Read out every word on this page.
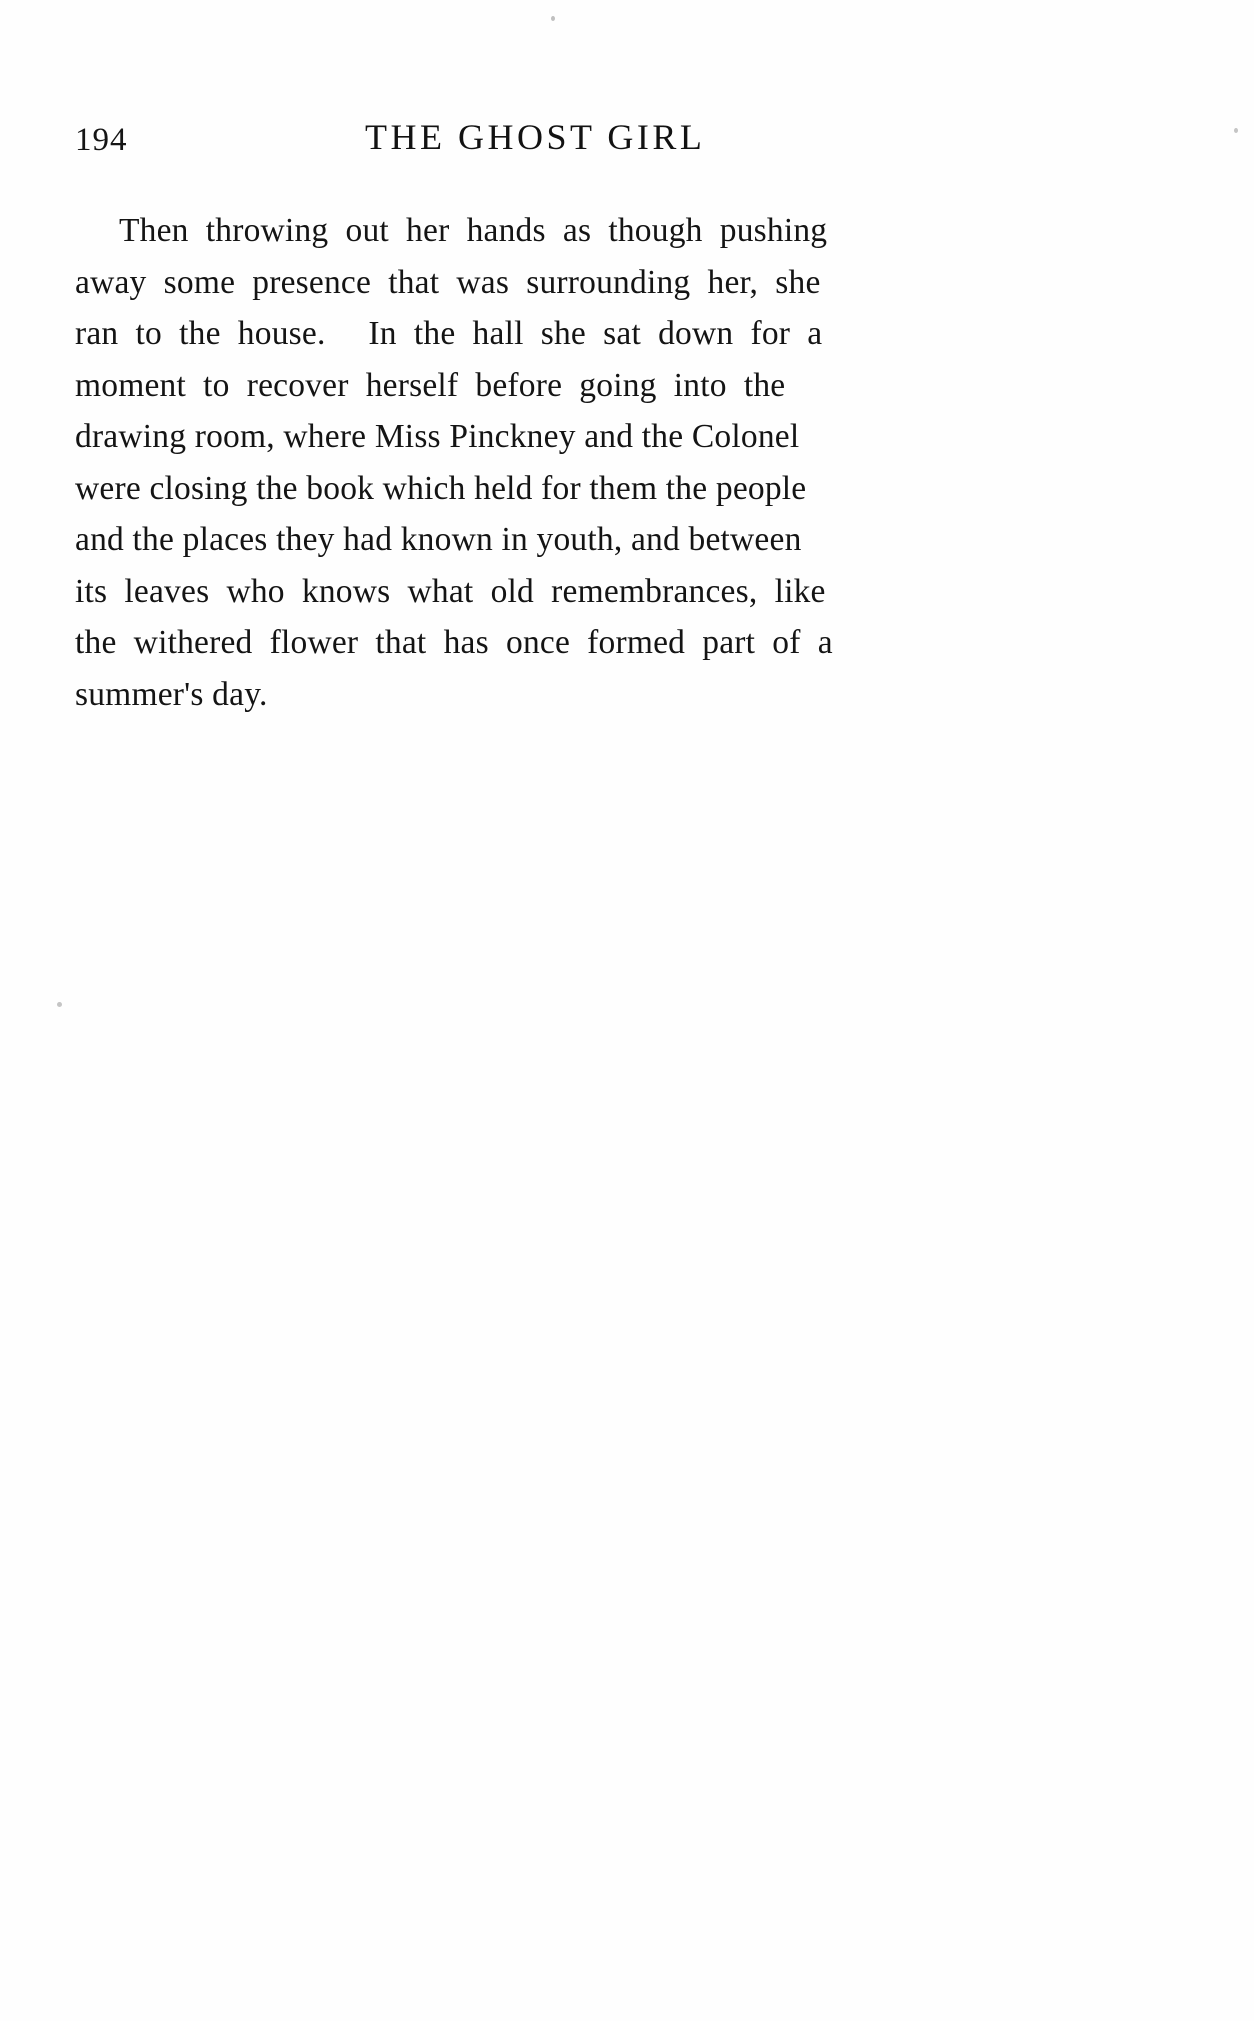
194	THE GHOST GIRL
Then  throwing  out  her  hands  as  though  pushing
away  some  presence  that  was  surrounding  her,  she
ran  to  the  house.     In  the  hall  she  sat  down  for  a
moment  to  recover  herself  before  going  into  the
drawing room, where Miss Pinckney and the Colonel
were closing the book which held for them the people
and the places they had known in youth, and between
its  leaves  who  knows  what  old  remembrances,  like
the  withered  flower  that  has  once  formed  part  of  a
summer's day.
